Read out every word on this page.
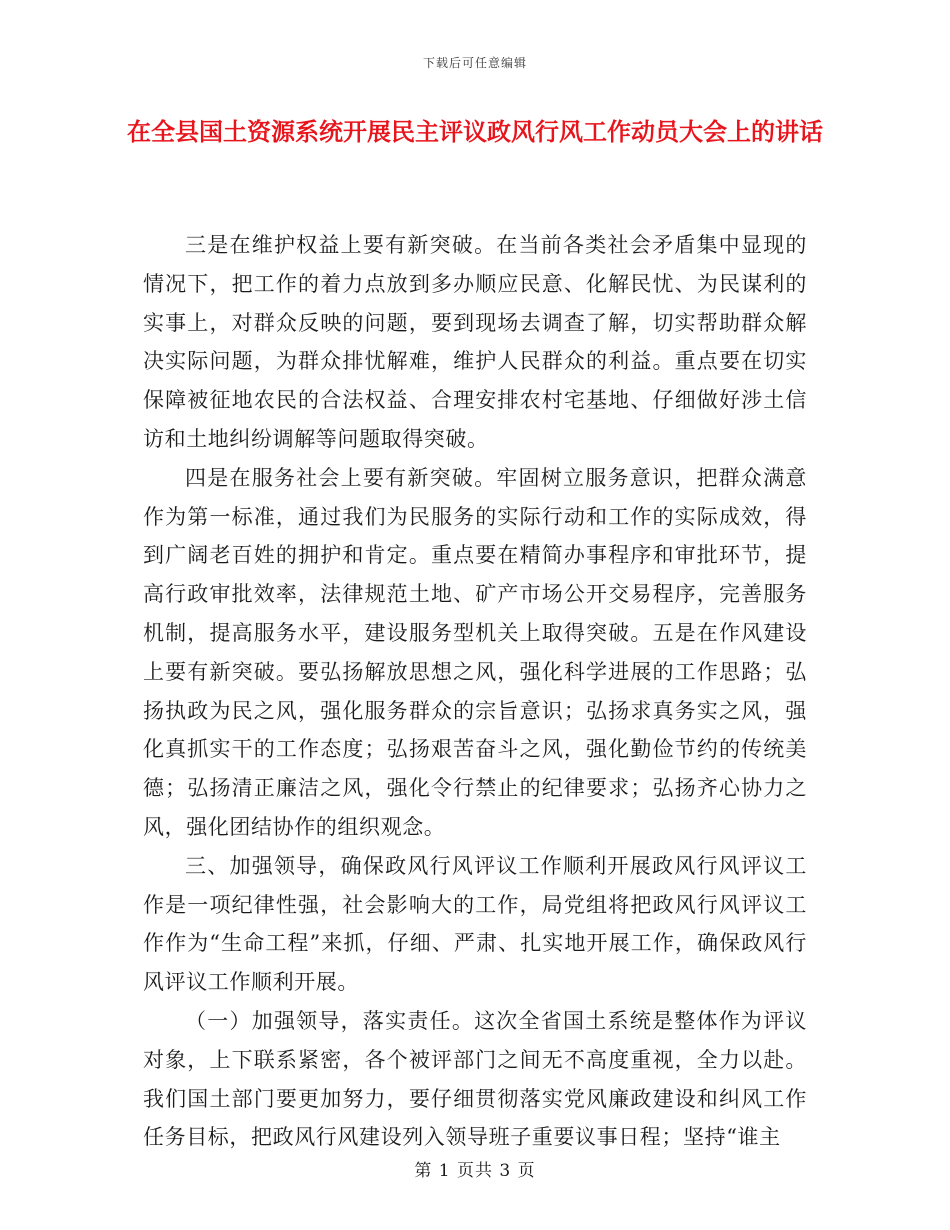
下载后可任意编辑
在全县国土资源系统开展民主评议政风行风工作动员大会上的讲话

三是在维护权益上要有新突破。在当前各类社会矛盾集中显现的情况下，把工作的着力点放到多办顺应民意、化解民忧、为民谋利的实事上，对群众反映的问题，要到现场去调查了解，切实帮助群众解决实际问题，为群众排忧解难，维护人民群众的利益。重点要在切实保障被征地农民的合法权益、合理安排农村宅基地、仔细做好涉土信访和土地纠纷调解等问题取得突破。

四是在服务社会上要有新突破。牢固树立服务意识，把群众满意作为第一标准，通过我们为民服务的实际行动和工作的实际成效，得到广阔老百姓的拥护和肯定。重点要在精简办事程序和审批环节，提高行政审批效率，法律规范土地、矿产市场公开交易程序，完善服务机制，提高服务水平，建设服务型机关上取得突破。五是在作风建设上要有新突破。要弘扬解放思想之风，强化科学进展的工作思路；弘扬执政为民之风，强化服务群众的宗旨意识；弘扬求真务实之风，强化真抓实干的工作态度；弘扬艰苦奋斗之风，强化勤俭节约的传统美德；弘扬清正廉洁之风，强化令行禁止的纪律要求；弘扬齐心协力之风，强化团结协作的组织观念。

三、加强领导，确保政风行风评议工作顺利开展政风行风评议工作是一项纪律性强，社会影响大的工作，局党组将把政风行风评议工作作为“生命工程”来抓，仔细、严肃、扎实地开展工作，确保政风行风评议工作顺利开展。

（一）加强领导，落实责任。这次全省国土系统是整体作为评议对象，上下联系紧密，各个被评部门之间无不高度重视，全力以赴。我们国土部门要更加努力，要仔细贯彻落实党风廉政建设和纠风工作任务目标，把政风行风建设列入领导班子重要议事日程；坚持“谁主

第 1 页共 3 页
